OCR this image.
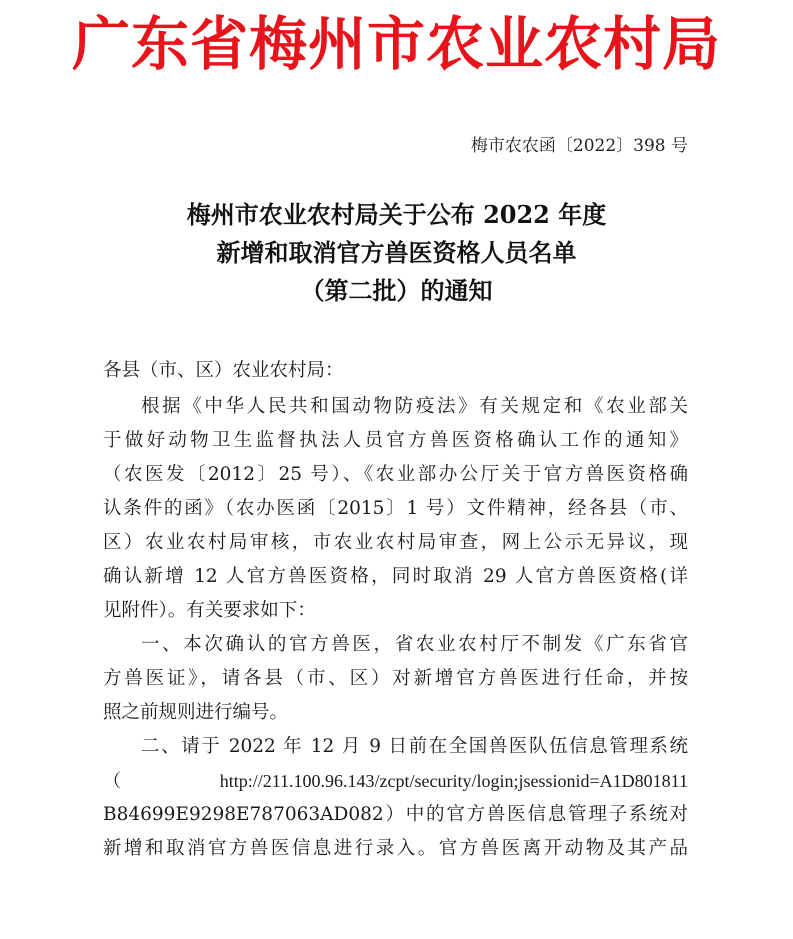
广东省梅州市农业农村局
梅市农农函〔2022〕398 号
梅州市农业农村局关于公布 2022 年度
新增和取消官方兽医资格人员名单
（第二批）的通知
各县（市、区）农业农村局：
根据《中华人民共和国动物防疫法》有关规定和《农业部关
于做好动物卫生监督执法人员官方兽医资格确认工作的通知》
（农医发〔2012〕25 号）、《农业部办公厅关于官方兽医资格确
认条件的函》（农办医函〔2015〕1 号）文件精神，经各县（市、
区）农业农村局审核，市农业农村局审查，网上公示无异议，现
确认新增 12 人官方兽医资格，同时取消 29 人官方兽医资格(详
见附件）。有关要求如下：
一、本次确认的官方兽医，省农业农村厅不制发《广东省官
方兽医证》，请各县（市、区）对新增官方兽医进行任命，并按
照之前规则进行编号。
二、请于 2022 年 12 月 9 日前在全国兽医队伍信息管理系统
（ http://211.100.96.143/zcpt/security/login;jsessionid=A1D801811
B84699E9298E787063AD082）中的官方兽医信息管理子系统对
新增和取消官方兽医信息进行录入。官方兽医离开动物及其产品
